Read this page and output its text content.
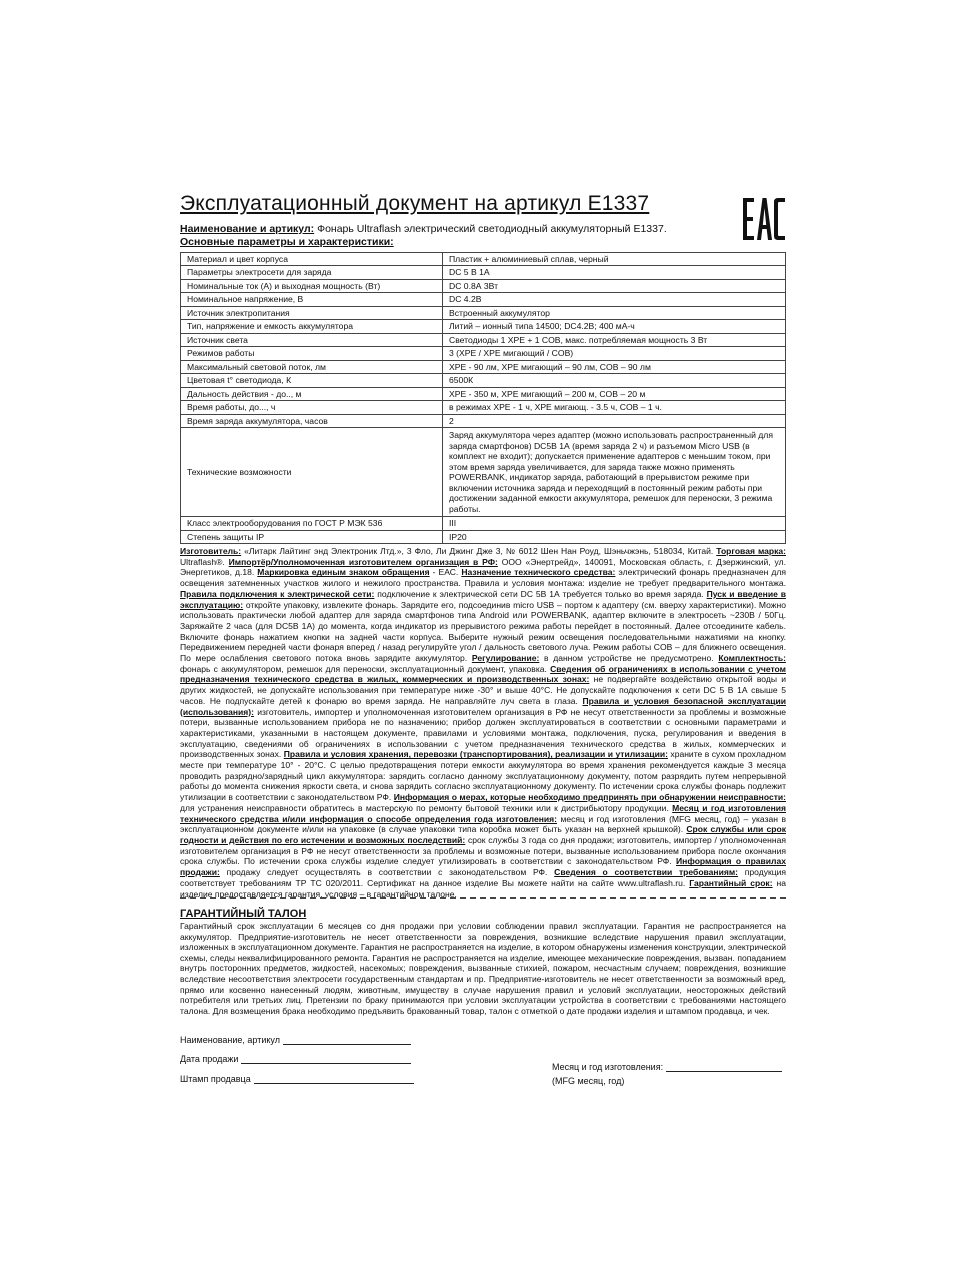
Эксплуатационный документ на артикул Е1337
Наименование и артикул: Фонарь Ultraflash электрический светодиодный аккумуляторный Е1337.
Основные параметры и характеристики:
Материал и цвет корпуса	Пластик + алюминиевый сплав, черный
Параметры электросети для заряда	DC 5 В 1А
Номинальные ток (А) и выходная мощность (Вт)	DC 0.8А 3Вт
Номинальное напряжение, В	DC 4.2В
Источник электропитания	Встроенный аккумулятор
Тип, напряжение и емкость аккумулятора	Литий – ионный типа 14500; DC4.2В; 400 мА-ч
Источник света	Светодиоды 1 XPE + 1 COB, макс. потребляемая мощность 3 Вт
Режимов работы	3 (XPE / XPE мигающий / COB)
Максимальный световой поток, лм	XPE - 90 лм, XPE мигающий – 90 лм, COB – 90 лм
Цветовая t° светодиода, К	6500К
Дальность действия - до.., м	XPE - 350 м, XPE мигающий – 200 м, COB – 20 м
Время работы, до..., ч	в режимах XPE - 1 ч, XPE мигающ. - 3.5 ч, COB – 1 ч.
Время заряда аккумулятора, часов	2
Технические возможности	Заряд аккумулятора через адаптер (можно использовать распространенный для заряда смартфонов) DC5В 1А (время заряда 2 ч) и разъемом Micro USB (в комплект не входит); допускается применение адаптеров с меньшим током, при этом время заряда увеличивается, для заряда также можно применять POWERBANK, индикатор заряда, работающий в прерывистом режиме при включении источника заряда и переходящий в постоянный режим работы при достижении заданной емкости аккумулятора, ремешок для переноски, 3 режима работы.
Класс электрооборудования по ГОСТ Р МЭК 536	III
Степень защиты IP	IP20
Изготовитель: «Литарк Лайтинг энд Электроник Лтд.», 3 Фло, Ли Джинг Дже 3, № 6012 Шен Нан Роуд, Шэньчжэнь, 518034, Китай. Торговая марка: Ultraflash®. Импортёр/Уполномоченная изготовителем организация в РФ: ООО «Энертрейд», 140091, Московская область, г. Дзержинский, ул. Энергетиков, д.18. Маркировка единым знаком обращения - ЕАС. Назначение технического средства: электрический фонарь предназначен для освещения затемненных участков жилого и нежилого пространства. Правила и условия монтажа: изделие не требует предварительного монтажа. Правила подключения к электрической сети: подключение к электрической сети DC 5В 1А требуется только во время заряда. Пуск и введение в эксплуатацию: откройте упаковку, извлеките фонарь. Зарядите его, подсоединив micro USB – портом к адаптеру (см. вверху характеристики). Можно использовать практически любой адаптер для заряда смартфонов типа Android или POWERBANK, адаптер включите в электросеть ~230В / 50Гц. Заряжайте 2 часа (для DC5В 1А) до момента, когда индикатор из прерывистого режима работы перейдет в постоянный. Далее отсоедините кабель. Включите фонарь нажатием кнопки на задней части корпуса. Выберите нужный режим освещения последовательными нажатиями на кнопку. Передвижением передней части фонаря вперед / назад регулируйте угол / дальность светового луча. Режим работы COB – для ближнего освещения. По мере ослабления светового потока вновь зарядите аккумулятор. Регулирование: в данном устройстве не предусмотрено. Комплектность: фонарь с аккумулятором, ремешок для переноски, эксплуатационный документ, упаковка. Сведения об ограничениях в использовании с учетом предназначения технического средства в жилых, коммерческих и производственных зонах: не подвергайте воздействию открытой воды и других жидкостей, не допускайте использования при температуре ниже -30° и выше 40°С. Не допускайте подключения к сети DC 5 В 1А свыше 5 часов. Не подпускайте детей к фонарю во время заряда. Не направляйте луч света в глаза. Правила и условия безопасной эксплуатации (использования): изготовитель, импортер и уполномоченная изготовителем организация в РФ не несут ответственности за проблемы и возможные потери, вызванные использованием прибора не по назначению; прибор должен эксплуатироваться в соответствии с основными параметрами и характеристиками, указанными в настоящем документе, правилами и условиями монтажа, подключения, пуска, регулирования и введения в эксплуатацию, сведениями об ограничениях в использовании с учетом предназначения технического средства в жилых, коммерческих и производственных зонах. Правила и условия хранения, перевозки (транспортирования), реализации и утилизации: храните в сухом прохладном месте при температуре 10° - 20°С. С целью предотвращения потери емкости аккумулятора во время хранения рекомендуется каждые 3 месяца проводить разрядно/зарядный цикл аккумулятора: зарядить согласно данному эксплуатационному документу, потом разрядить путем непрерывной работы до момента снижения яркости света, и снова зарядить согласно эксплуатационному документу. По истечении срока службы фонарь подлежит утилизации в соответствии с законодательством РФ. Информация о мерах, которые необходимо предпринять при обнаружении неисправности: для устранения неисправности обратитесь в мастерскую по ремонту бытовой техники или к дистрибьютору продукции. Месяц и год изготовления технического средства и/или информация о способе определения года изготовления: месяц и год изготовления (MFG месяц, год) – указан в эксплуатационном документе и/или на упаковке (в случае упаковки типа коробка может быть указан на верхней крышкой). Срок службы или срок годности и действия по его истечении и возможных последствий: срок службы 3 года со дня продажи; изготовитель, импортер / уполномоченная изготовителем организация в РФ не несут ответственности за проблемы и возможные потери, вызванные использованием прибора после окончания срока службы. По истечении срока службы изделие следует утилизировать в соответствии с законодательством РФ. Информация о правилах продажи: продажу следует осуществлять в соответствии с законодательством РФ. Сведения о соответствии требованиям: продукция соответствует требованиям ТР ТС 020/2011. Сертификат на данное изделие Вы можете найти на сайте www.ultraflash.ru. Гарантийный срок: на изделие предоставляется гарантия, условия – в гарантийном талоне.
ГАРАНТИЙНЫЙ ТАЛОН
Гарантийный срок эксплуатации 6 месяцев со дня продажи при условии соблюдении правил эксплуатации. Гарантия не распространяется на аккумулятор. Предприятие-изготовитель не несет ответственности за повреждения, возникшие вследствие нарушения правил эксплуатации, изложенных в эксплуатационном документе. Гарантия не распространяется на изделие, в котором обнаружены изменения конструкции, электрической схемы, следы неквалифицированного ремонта. Гарантия не распространяется на изделие, имеющее механические повреждения, вызван. попаданием внутрь посторонних предметов, жидкостей, насекомых; повреждения, вызванные стихией, пожаром, несчастным случаем; повреждения, возникшие вследствие несоответствия электросети государственным стандартам и пр. Предприятие-изготовитель не несет ответственности за возможный вред, прямо или косвенно нанесенный людям, животным, имуществу в случае нарушения правил и условий эксплуатации, неосторожных действий потребителя или третьих лиц. Претензии по браку принимаются при условии эксплуатации устройства в соответствии с требованиями настоящего талона. Для возмещения брака необходимо предъявить бракованный товар, талон с отметкой о дате продажи изделия и штампом продавца, и чек.
Наименование, артикул
Дата продажи
Штамп продавца
Месяц и год изготовления:
(MFG месяц, год)
